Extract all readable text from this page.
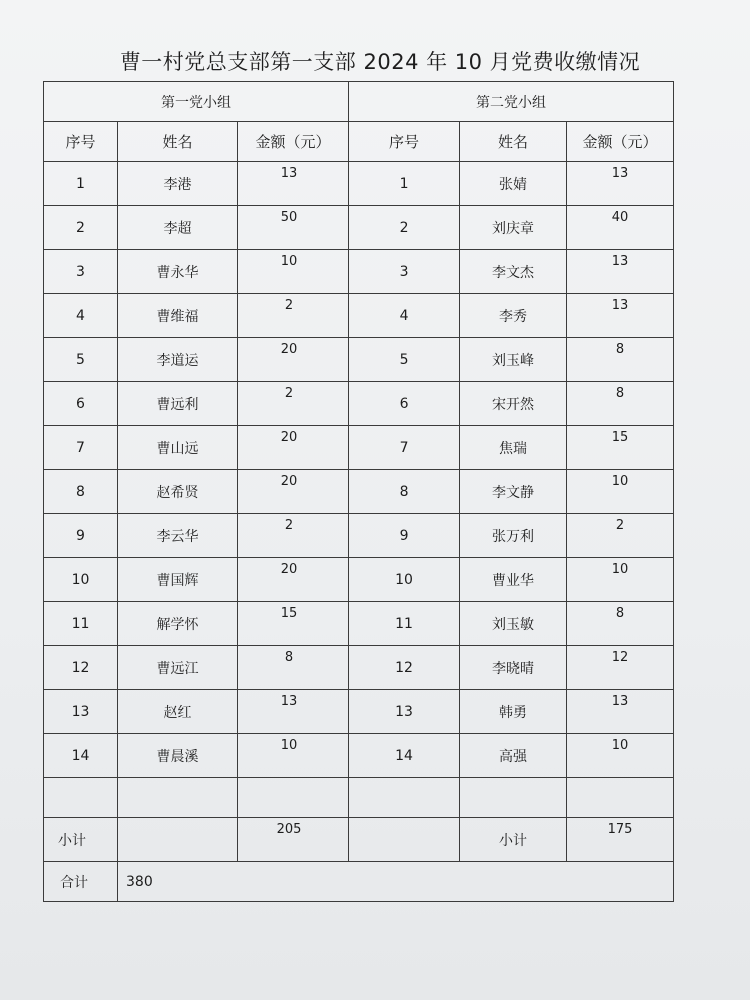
曹一村党总支部第一支部 2024 年 10 月党费收缴情况
第一党小组			第二党小组		
序号	姓名	金额（元）	序号	姓名	金额（元）
1	李港	13	1	张婧	13
2	李超	50	2	刘庆章	40
3	曹永华	10	3	李文杰	13
4	曹维福	2	4	李秀	13
5	李道运	20	5	刘玉峰	8
6	曹远利	2	6	宋开然	8
7	曹山远	20	7	焦瑞	15
8	赵希贤	20	8	李文静	10
9	李云华	2	9	张万利	2
10	曹国辉	20	10	曹业华	10
11	解学怀	15	11	刘玉敏	8
12	曹远江	8	12	李晓晴	12
13	赵红	13	13	韩勇	13
14	曹晨溪	10	14	高强	10

小计		205		小计	175
合计	380				
